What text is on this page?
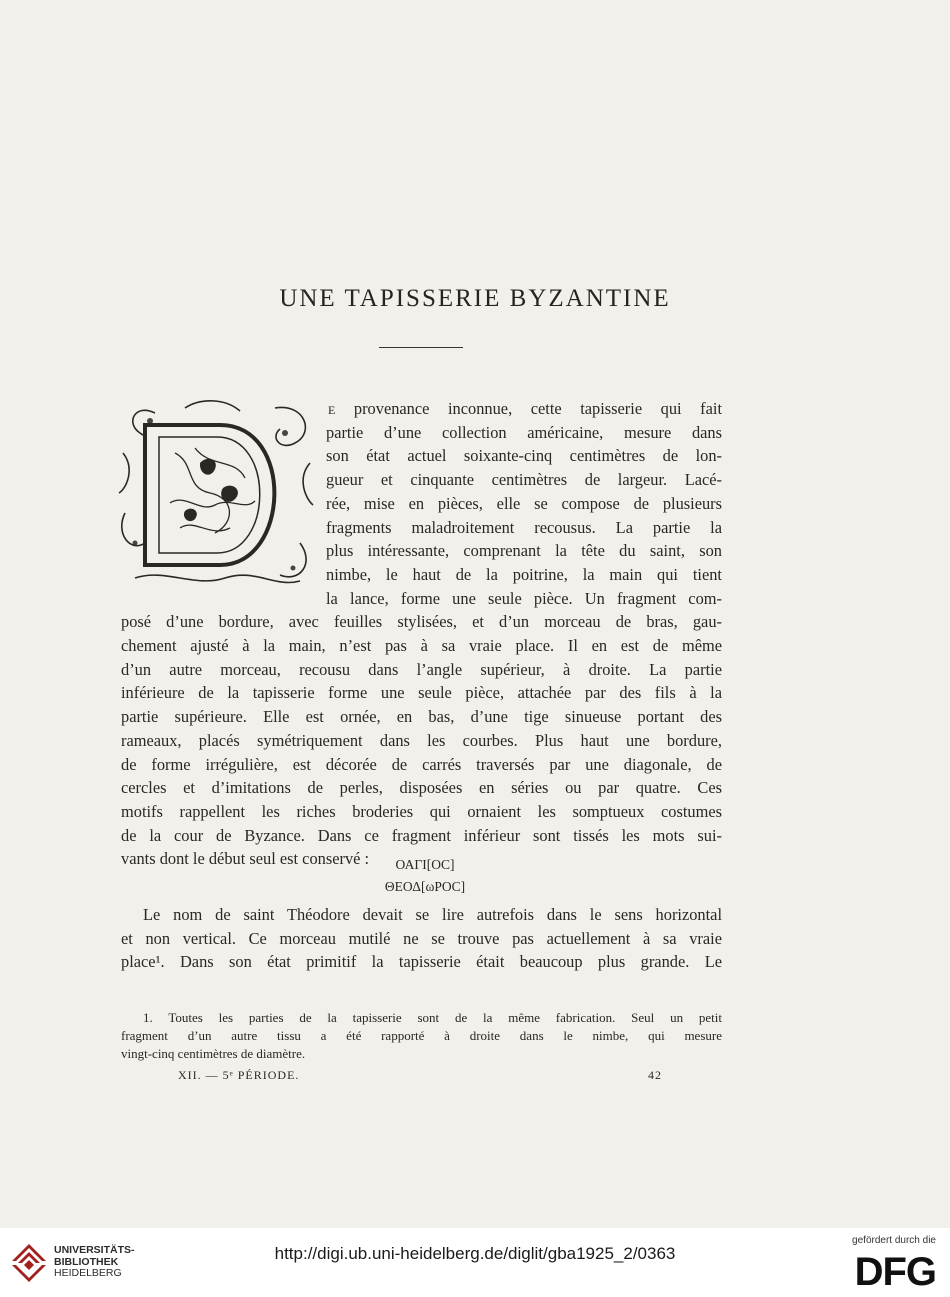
UNE TAPISSERIE BYZANTINE
D
E provenance inconnue, cette tapisserie qui fait
partie d’une collection américaine, mesure dans
son état actuel soixante-cinq centimètres de lon-
gueur et cinquante centimètres de largeur. Lacé-
rée, mise en pièces, elle se compose de plusieurs
fragments maladroitement recousus. La partie la
plus intéressante, comprenant la tête du saint, son
nimbe, le haut de la poitrine, la main qui tient
la lance, forme une seule pièce. Un fragment com-
posé d’une bordure, avec feuilles stylisées, et d’un morceau de bras, gau-
chement ajusté à la main, n’est pas à sa vraie place. Il en est de même
d’un autre morceau, recousu dans l’angle supérieur, à droite. La partie
inférieure de la tapisserie forme une seule pièce, attachée par des fils à la
partie supérieure. Elle est ornée, en bas, d’une tige sinueuse portant des
rameaux, placés symétriquement dans les courbes. Plus haut une bordure,
de forme irrégulière, est décorée de carrés traversés par une diagonale, de
cercles et d’imitations de perles, disposées en séries ou par quatre. Ces
motifs rappellent les riches broderies qui ornaient les somptueux costumes
de la cour de Byzance. Dans ce fragment inférieur sont tissés les mots sui-
vants dont le début seul est conservé :	ΟΑΓΙ[ΟC]
ΘΕΟΔ[ωΡΟC]
Le nom de saint Théodore devait se lire autrefois dans le sens horizontal
et non vertical. Ce morceau mutilé ne se trouve pas actuellement à sa vraie
place¹. Dans son état primitif la tapisserie était beaucoup plus grande. Le
1. Toutes les parties de la tapisserie sont de la même fabrication. Seul un petit
fragment d’un autre tissu a été rapporté à droite dans le nimbe, qui mesure
vingt-cinq centimètres de diamètre.
XII. — 5ᵉ PÉRIODE.	42
UNIVERSITÄTS-
BIBLIOTHEK
HEIDELBERG
http://digi.ub.uni-heidelberg.de/diglit/gba1925_2/0363
gefördert durch die
DFG
